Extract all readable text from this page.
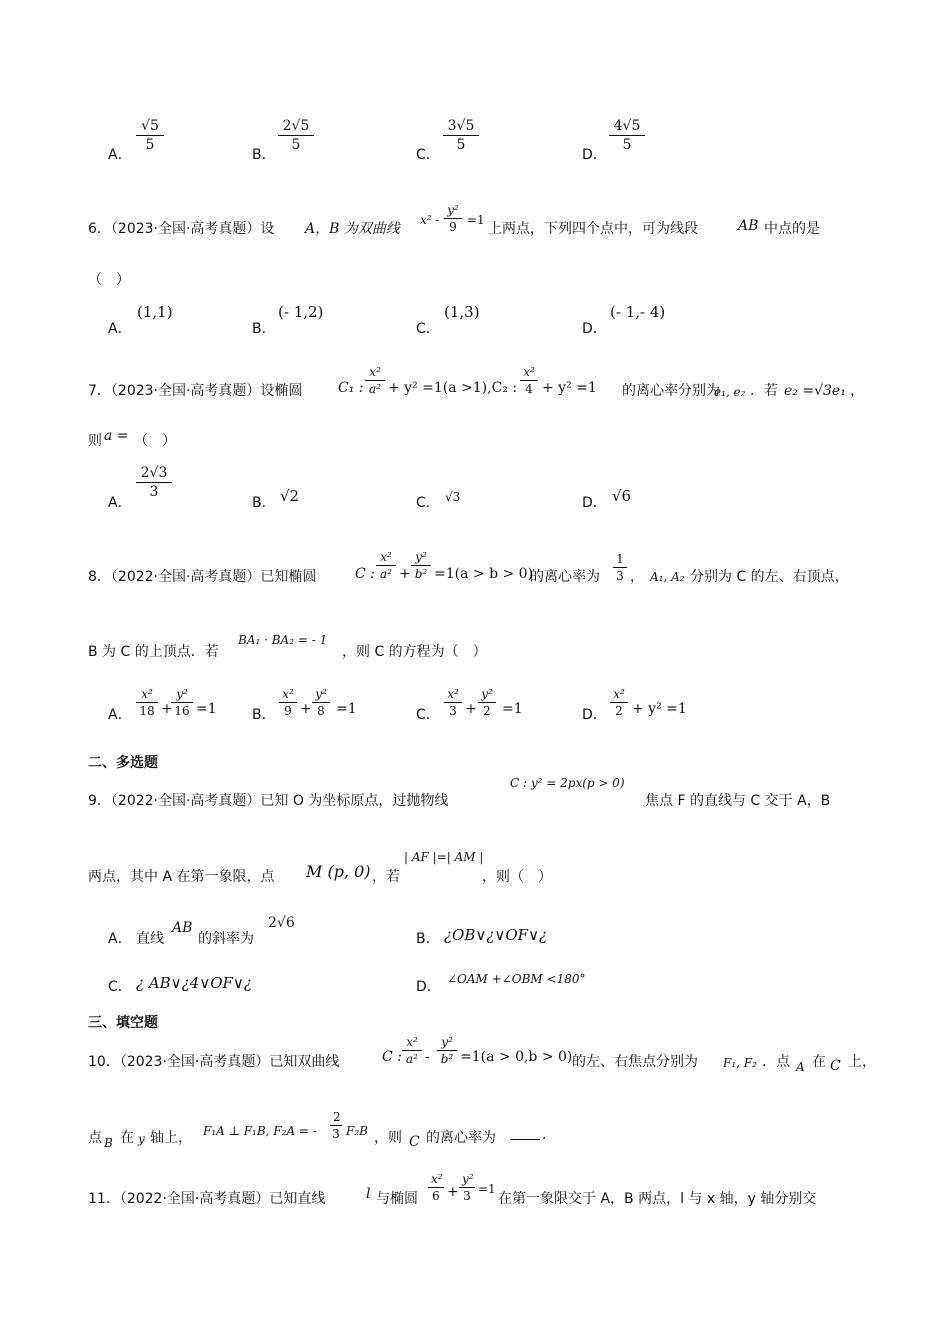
A．
√5
5
B．
2√5
5
C．
3√5
5
D．
4√5
5
6．（2023·全国·高考真题）设 A，B 为双曲线
x² -
y²
9 =1
上两点，下列四个点中，可为线段	AB 中点的是
（　）
A．
(1,1)
B．
(- 1,2)
C．
(1,3)
D．
(- 1,- 4)
7．（2023·全国·高考真题）设椭圆	C₁ :
x²
a² + y² =1(a >1),C₂ :
x²
4 + y² =1 的离心率分别为
e₁, e₂ ．若 e₂ =√3e₁ ，
则 a = （　）
A．
2√3
3
B． √2	C． √3	D． √6
8．（2022·全国·高考真题）已知椭圆	C :
x²
a² +
y²
b² =1(a > b > 0)
的离心率为
1
3 ， A₁, A₂ 分别为 C 的左、右顶点，
B 为 C 的上顶点．若
BA₁ · BA₂ = - 1
，则 C 的方程为（　）
A．
x²
18 +
y²
16 =1	B．
x²
9 +
y²
8 =1	C．
x²
3 +
y²
2 =1	D．
x²
2 + y² =1
二、多选题
9．（2022·全国·高考真题）已知 O 为坐标原点，过抛物线
C : y² = 2px(p > 0)
焦点 F 的直线与 C 交于 A，B
两点，其中 A 在第一象限，点 M (p, 0) ，若
| AF |=| AM |
，则（　）
A． 直线
AB
的斜率为
2√6
B． ¿OB∨¿∨OF∨¿
C． ¿ AB∨¿4∨OF∨¿	D． ∠OAM +∠OBM <180°
三、填空题
10．（2023·全国·高考真题）已知双曲线	C :
x²
a² -
y²
b² =1(a > 0,b > 0) 的左、右焦点分别为 F₁, F₂ ．点 A 在 C 上，
点 B 在 y 轴上， F₁A ⊥ F₁B, F₂A = -
2
3 F₂B ，则 C 的离心率为	.
11．（2022·全国·高考真题）已知直线	l 与椭圆
x²
6 +
y²
3 =1
在第一象限交于 A，B 两点，l 与 x 轴，y 轴分别交
